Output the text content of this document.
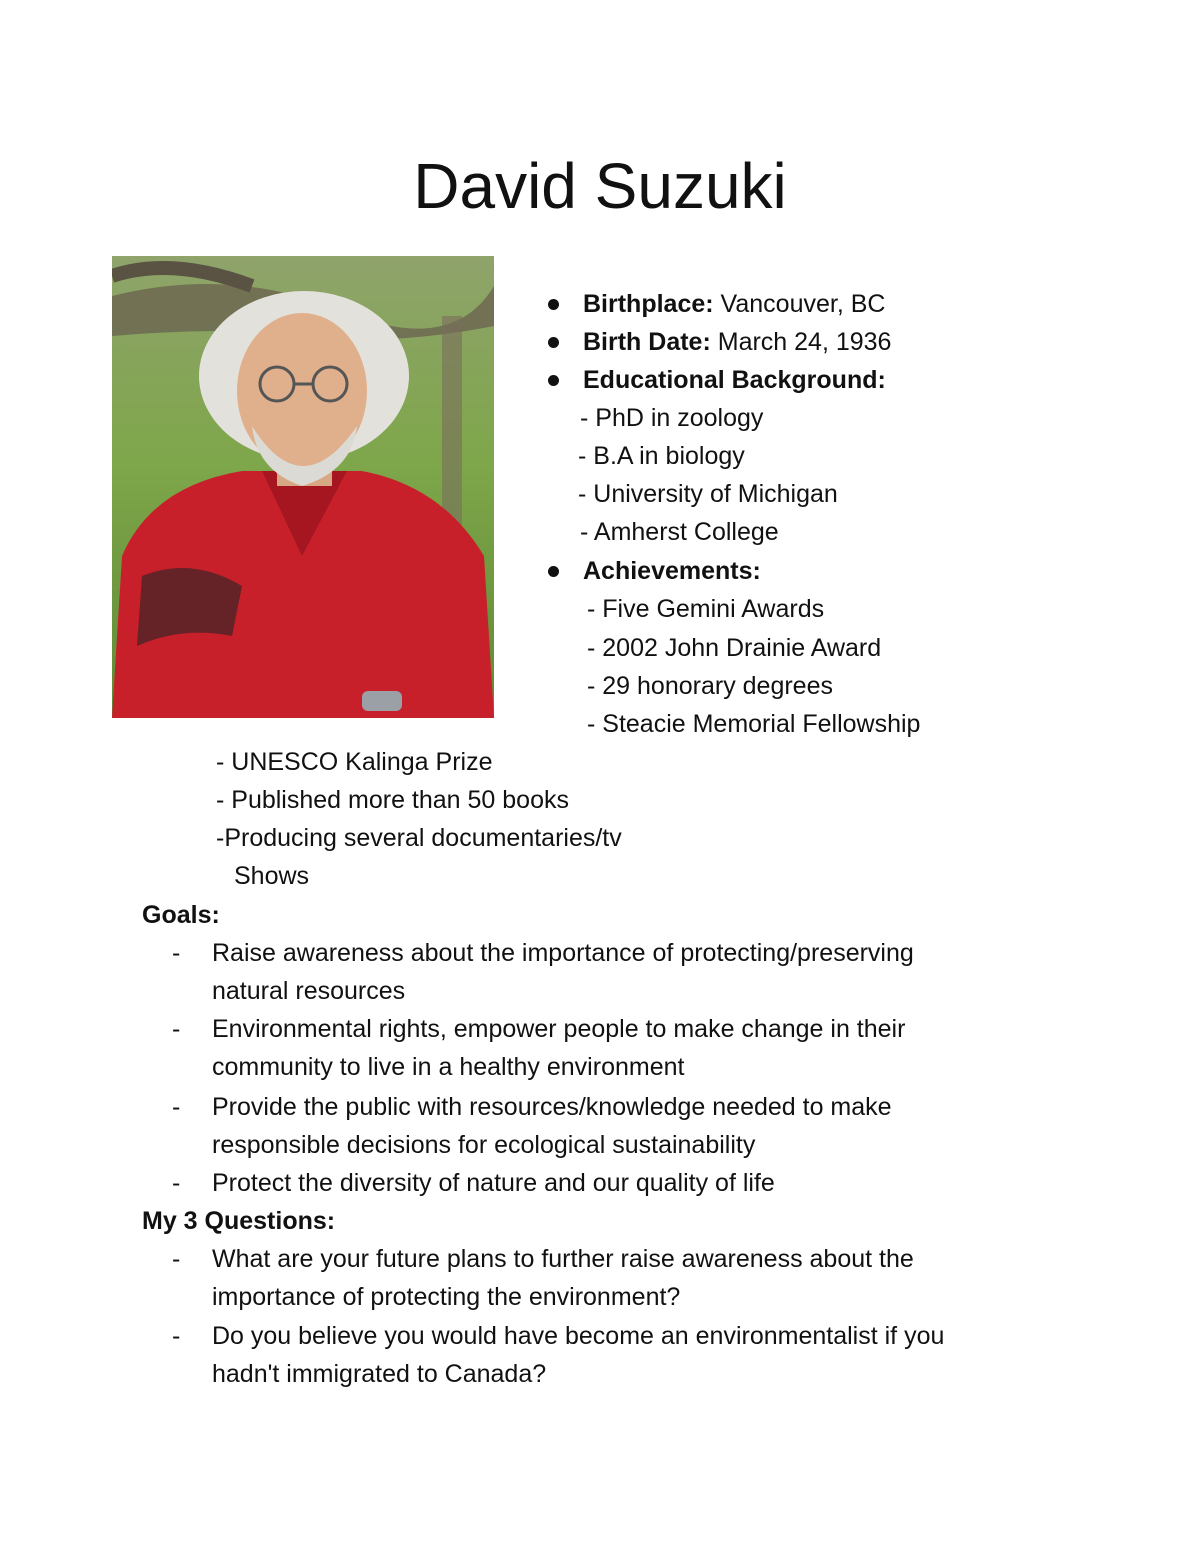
David Suzuki
Birthplace: Vancouver, BC
Birth Date: March 24, 1936
Educational Background:
- PhD in zoology
- B.A in biology
- University of Michigan
- Amherst College
Achievements:
- Five Gemini Awards
- 2002 John Drainie Award
- 29 honorary degrees
- Steacie Memorial Fellowship
- UNESCO Kalinga Prize
- Published more than 50 books
-Producing several documentaries/tv
Shows
Goals:
- Raise awareness about the importance of protecting/preserving
natural resources
- Environmental rights, empower people to make change in their
community to live in a healthy environment
- Provide the public with resources/knowledge needed to make
responsible decisions for ecological sustainability
- Protect the diversity of nature and our quality of life
My 3 Questions:
- What are your future plans to further raise awareness about the
importance of protecting the environment?
- Do you believe you would have become an environmentalist if you
hadn't immigrated to Canada?
